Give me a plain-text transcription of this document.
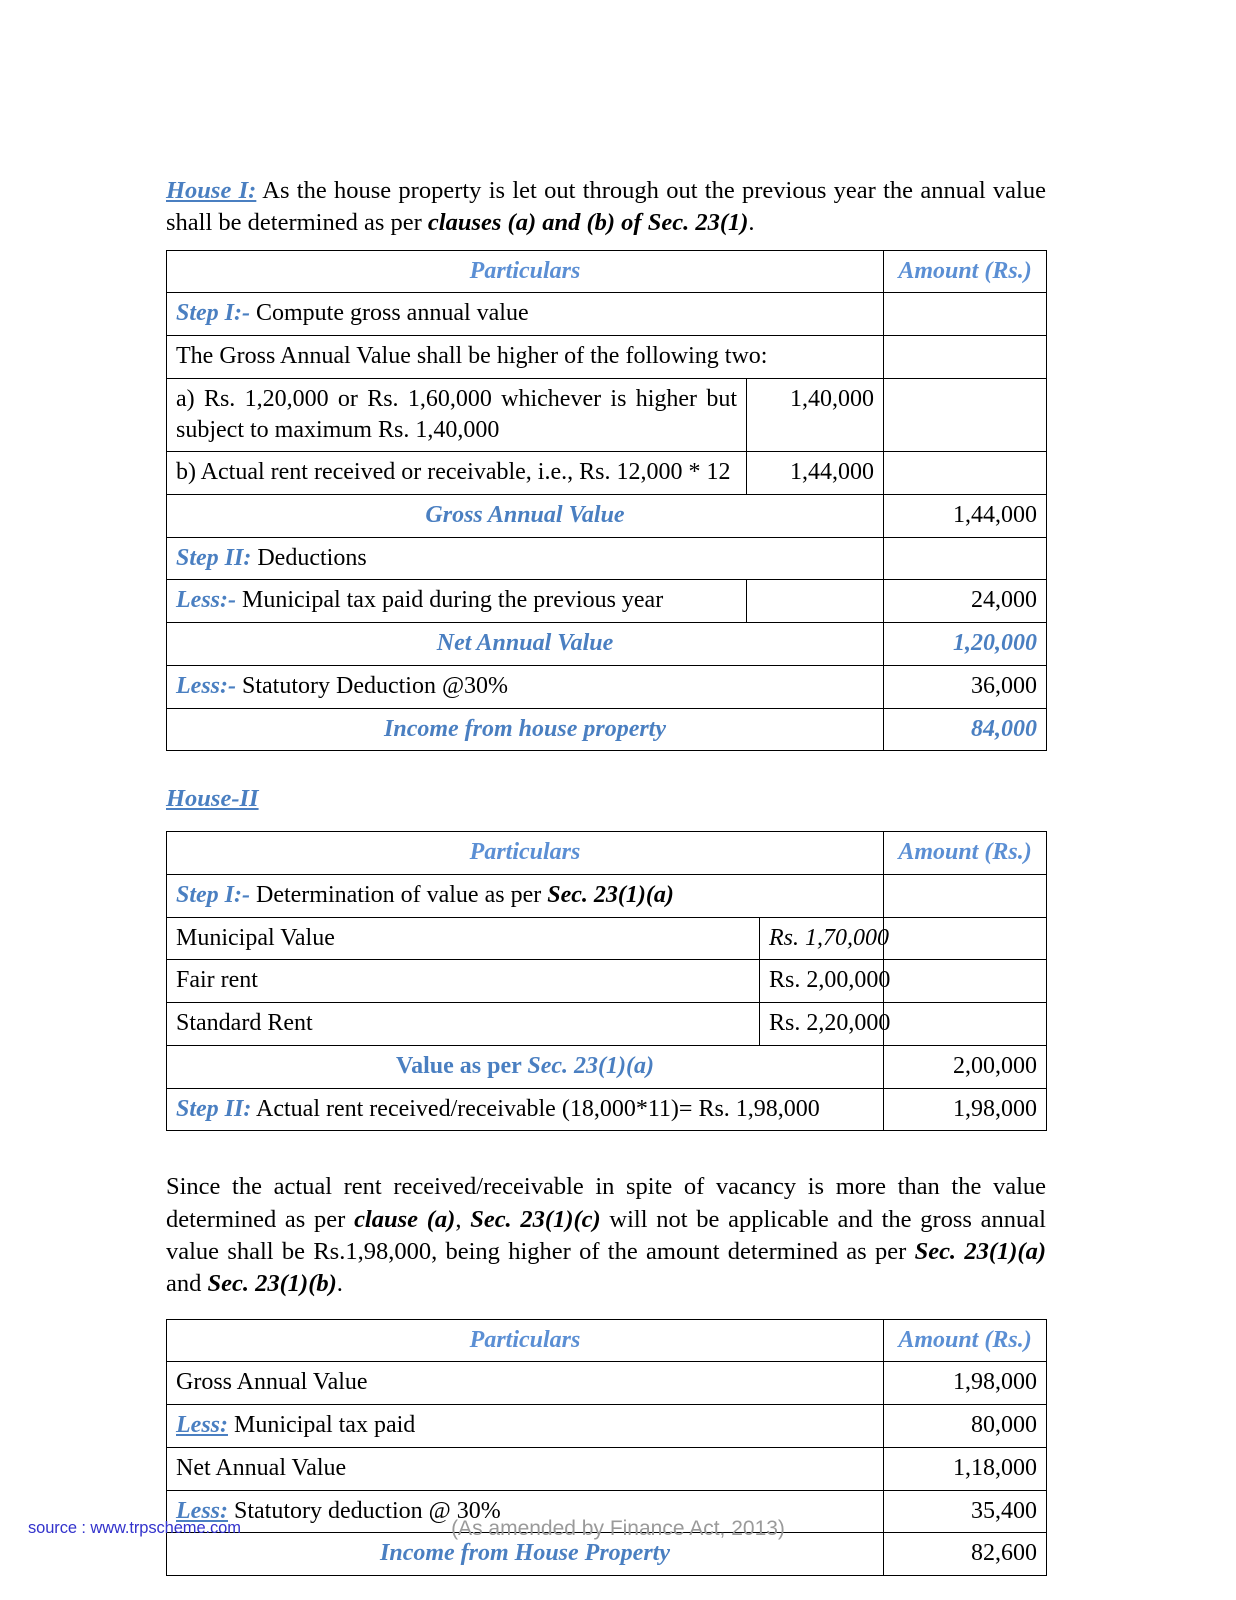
House I: As the house property is let out through out the previous year the annual value shall be determined as per clauses (a) and (b) of Sec. 23(1).

Particulars		Amount (Rs.)
Step I:- Compute gross annual value		
The Gross Annual Value shall be higher of the following two:		
a) Rs. 1,20,000 or Rs. 1,60,000 whichever is higher but subject to maximum Rs. 1,40,000	1,40,000	
b) Actual rent received or receivable, i.e., Rs. 12,000 * 12	1,44,000	
Gross Annual Value		1,44,000
Step II: Deductions		
Less:- Municipal tax paid during the previous year		24,000
Net Annual Value		1,20,000
Less:- Statutory Deduction @30%		36,000
Income from house property		84,000

House-II

Particulars		Amount (Rs.)
Step I:- Determination of value as per Sec. 23(1)(a)		
Municipal Value	Rs. 1,70,000	
Fair rent	Rs. 2,00,000	
Standard Rent	Rs. 2,20,000	
Value as per Sec. 23(1)(a)		2,00,000
Step II: Actual rent received/receivable (18,000*11)= Rs. 1,98,000		1,98,000

Since the actual rent received/receivable in spite of vacancy is more than the value determined as per clause (a), Sec. 23(1)(c) will not be applicable and the gross annual value shall be Rs.1,98,000, being higher of the amount determined as per Sec. 23(1)(a) and Sec. 23(1)(b).

Particulars	Amount (Rs.)
Gross Annual Value	1,98,000
Less: Municipal tax paid	80,000
Net Annual Value	1,18,000
Less: Statutory deduction @ 30%	35,400
Income from House Property	82,600
source : www.trpscheme.com	(As amended by Finance Act, 2013)
